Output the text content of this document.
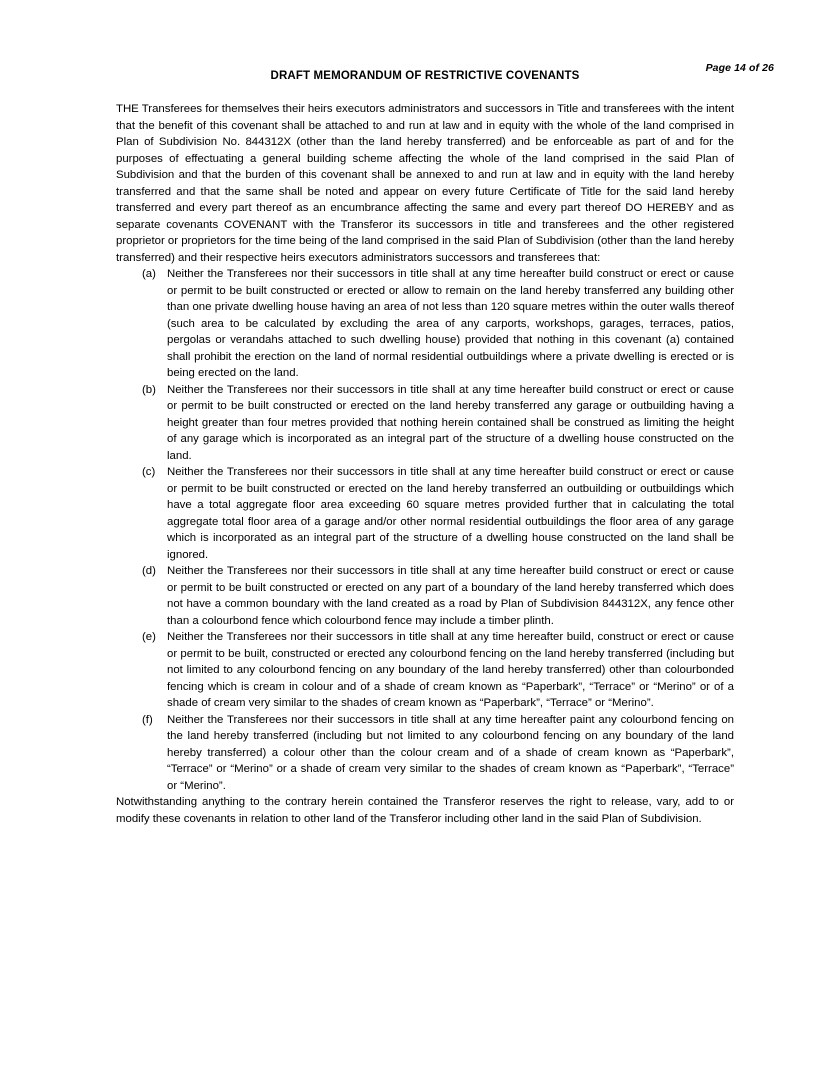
Page 14 of 26
DRAFT MEMORANDUM OF RESTRICTIVE COVENANTS

THE Transferees for themselves their heirs executors administrators and successors in Title and transferees with the intent that the benefit of this covenant shall be attached to and run at law and in equity with the whole of the land comprised in Plan of Subdivision No. 844312X (other than the land hereby transferred) and be enforceable as part of and for the purposes of effectuating a general building scheme affecting the whole of the land comprised in the said Plan of Subdivision and that the burden of this covenant shall be annexed to and run at law and in equity with the land hereby transferred and that the same shall be noted and appear on every future Certificate of Title for the said land hereby transferred and every part thereof as an encumbrance affecting the same and every part thereof DO HEREBY and as separate covenants COVENANT with the Transferor its successors in title and transferees and the other registered proprietor or proprietors for the time being of the land comprised in the said Plan of Subdivision (other than the land hereby transferred) and their respective heirs executors administrators successors and transferees that:

(a) Neither the Transferees nor their successors in title shall at any time hereafter build construct or erect or cause or permit to be built constructed or erected or allow to remain on the land hereby transferred any building other than one private dwelling house having an area of not less than 120 square metres within the outer walls thereof (such area to be calculated by excluding the area of any carports, workshops, garages, terraces, patios, pergolas or verandahs attached to such dwelling house) provided that nothing in this covenant (a) contained shall prohibit the erection on the land of normal residential outbuildings where a private dwelling is erected or is being erected on the land.
(b) Neither the Transferees nor their successors in title shall at any time hereafter build construct or erect or cause or permit to be built constructed or erected on the land hereby transferred any garage or outbuilding having a height greater than four metres provided that nothing herein contained shall be construed as limiting the height of any garage which is incorporated as an integral part of the structure of a dwelling house constructed on the land.
(c)	Neither the Transferees nor their successors in title shall at any time hereafter build construct or erect or cause or permit to be built constructed or erected on the land hereby transferred an outbuilding or outbuildings which have a total aggregate floor area exceeding 60 square metres provided further that in calculating the total aggregate total floor area of a garage and/or other normal residential outbuildings the floor area of any garage which is incorporated as an integral part of the structure of a dwelling house constructed on the land shall be ignored.
(d) Neither the Transferees nor their successors in title shall at any time hereafter build construct or erect or cause or permit to be built constructed or erected on any part of a boundary of the land hereby transferred which does not have a common boundary with the land created as a road by Plan of Subdivision 844312X, any fence other than a colourbond fence which colourbond fence may include a timber plinth.
(e) Neither the Transferees nor their successors in title shall at any time hereafter build, construct or erect or cause or permit to be built, constructed or erected any colourbond fencing on the land hereby transferred (including but not limited to any colourbond fencing on any boundary of the land hereby transferred) other than colourbonded fencing which is cream in colour and of a shade of cream known as “Paperbark”, “Terrace” or “Merino” or of a shade of cream very similar to the shades of cream known as “Paperbark”, “Terrace” or “Merino”.
(f)	Neither the Transferees nor their successors in title shall at any time hereafter paint any colourbond fencing on the land hereby transferred (including but not limited to any colourbond fencing on any boundary of the land hereby transferred) a colour other than the colour cream and of a shade of cream known as “Paperbark”, “Terrace” or “Merino” or a shade of cream very similar to the shades of cream known as “Paperbark”, “Terrace” or “Merino”.

Notwithstanding anything to the contrary herein contained the Transferor reserves the right to release, vary, add to or modify these covenants in relation to other land of the Transferor including other land in the said Plan of Subdivision.
